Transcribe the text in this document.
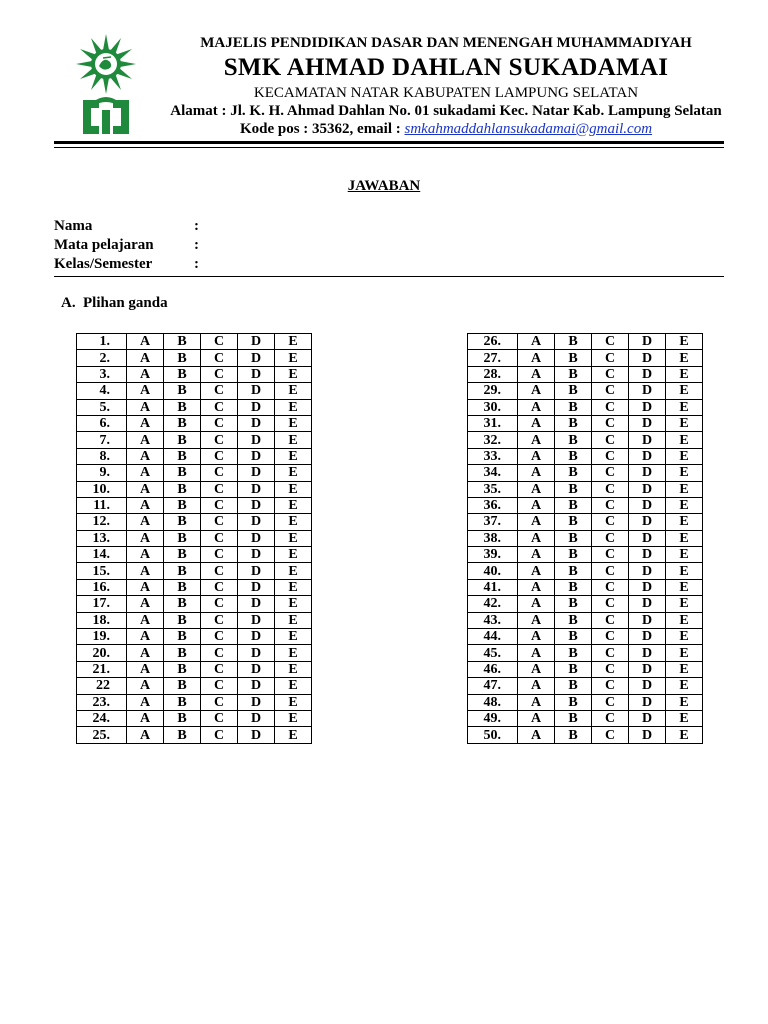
MAJELIS PENDIDIKAN DASAR DAN MENENGAH MUHAMMADIYAH
SMK AHMAD DAHLAN SUKADAMAI
KECAMATAN NATAR KABUPATEN LAMPUNG SELATAN
Alamat : Jl. K. H. Ahmad Dahlan No. 01 sukadami Kec. Natar Kab. Lampung Selatan
Kode pos : 35362, email : smkahmaddahlansukadamai@gmail.com
JAWABAN
Nama	:
Mata pelajaran	:
Kelas/Semester	:
A. Plihan ganda
1.	A	B	C	D	E
2.	A	B	C	D	E
3.	A	B	C	D	E
4.	A	B	C	D	E
5.	A	B	C	D	E
6.	A	B	C	D	E
7.	A	B	C	D	E
8.	A	B	C	D	E
9.	A	B	C	D	E
10.	A	B	C	D	E
11.	A	B	C	D	E
12.	A	B	C	D	E
13.	A	B	C	D	E
14.	A	B	C	D	E
15.	A	B	C	D	E
16.	A	B	C	D	E
17.	A	B	C	D	E
18.	A	B	C	D	E
19.	A	B	C	D	E
20.	A	B	C	D	E
21.	A	B	C	D	E
22	A	B	C	D	E
23.	A	B	C	D	E
24.	A	B	C	D	E
25.	A	B	C	D	E
26.	A	B	C	D	E
27.	A	B	C	D	E
28.	A	B	C	D	E
29.	A	B	C	D	E
30.	A	B	C	D	E
31.	A	B	C	D	E
32.	A	B	C	D	E
33.	A	B	C	D	E
34.	A	B	C	D	E
35.	A	B	C	D	E
36.	A	B	C	D	E
37.	A	B	C	D	E
38.	A	B	C	D	E
39.	A	B	C	D	E
40.	A	B	C	D	E
41.	A	B	C	D	E
42.	A	B	C	D	E
43.	A	B	C	D	E
44.	A	B	C	D	E
45.	A	B	C	D	E
46.	A	B	C	D	E
47.	A	B	C	D	E
48.	A	B	C	D	E
49.	A	B	C	D	E
50.	A	B	C	D	E
